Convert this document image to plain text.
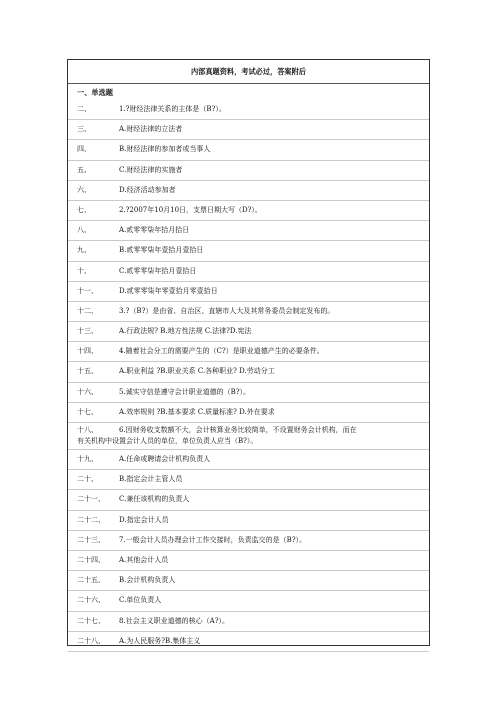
内部真题资料，考试必过，答案附后
一、单选题
二、	1.?财经法律关系的主体是（B?）。
三、	A.财经法律的立法者
四、	B.财经法律的参加者或当事人
五、	C.财经法律的实施者
六、	D.经济活动参加者
七、	2.?2007年10月10日，支票日期大写（D?）。
八、	A.贰零零柒年拾月拾日
九、	B.贰零零柒年壹拾月壹拾日
十、	C.贰零零柒年拾月壹拾日
十一、	D.贰零零柒年零壹拾月零壹拾日
十二、	3.?（B?）是由省、自治区、直辖市人大及其常务委员会制定发布的。
十三、	A.行政法规? B.地方性法规 C.法律?D.宪法
十四、	4.随着社会分工的需要产生的（C?）是职业道德产生的必要条件。
十五、	A.职业利益 ?B.职业关系 C.各种职业? D.劳动分工
十六、	5.诚实守信是遵守会计职业道德的（B?）。
十七、	A.效率规则 ?B.基本要求 C.质量标准? D.外在要求
十八、	6.因财务收支数额不大，会计核算业务比较简单，不设置财务会计机构，而在
有关机构中设置会计人员的单位，单位负责人应当（B?）。
十九、	A.任命或聘请会计机构负责人
二十、	B.指定会计主管人员
二十一、 C.兼任该机构的负责人
二十二、 D.指定会计人员
二十三、 7.一般会计人员办理会计工作交接时，负责监交的是（B?）。
二十四、 A.其他会计人员
二十五、 B.会计机构负责人
二十六、 C.单位负责人
二十七、 8.社会主义职业道德的核心（A?）。
二十八、 A.为人民服务?B.集体主义
